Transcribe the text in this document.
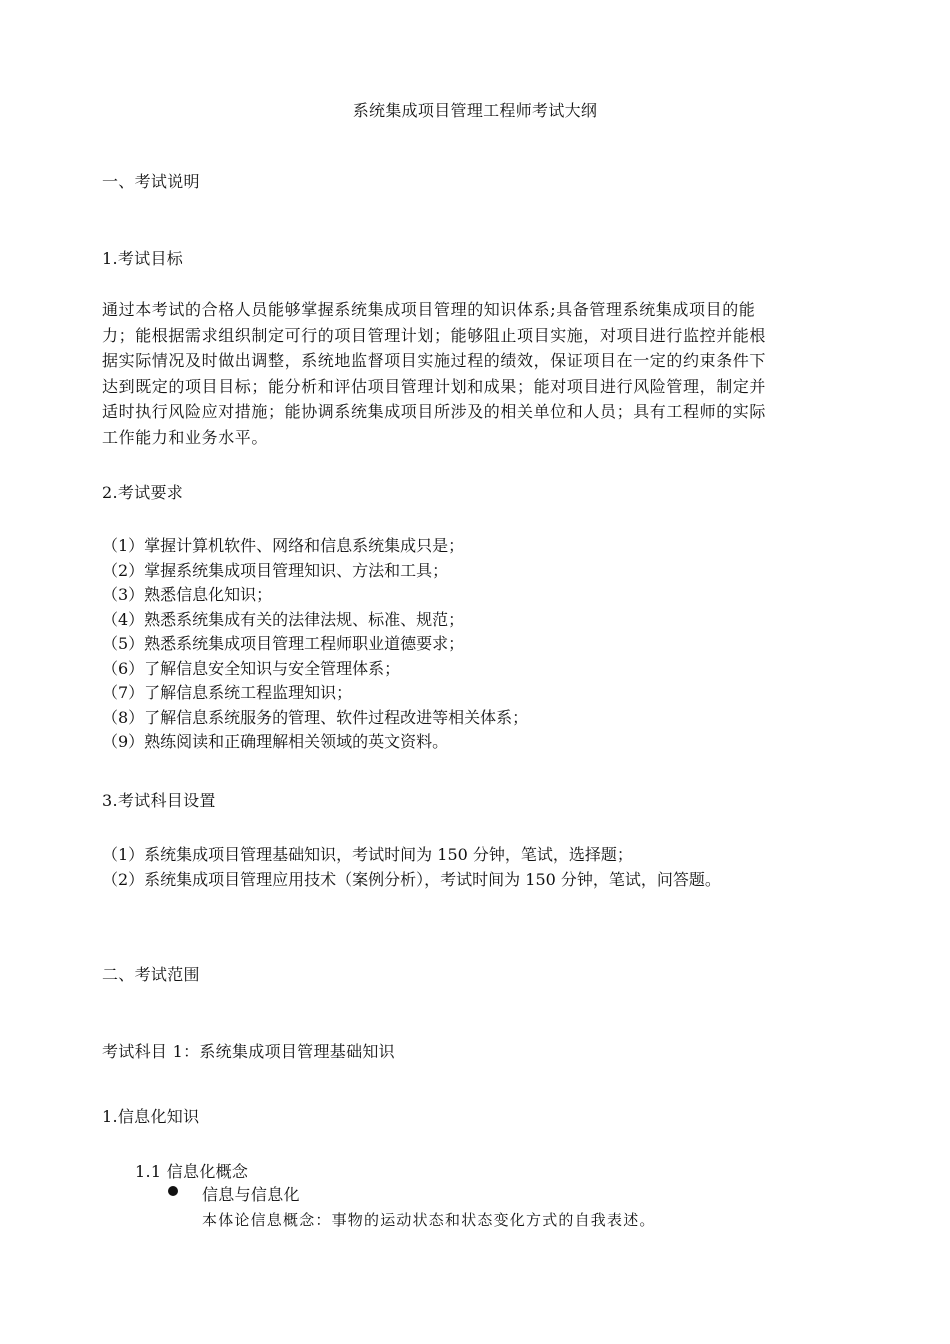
系统集成项目管理工程师考试大纲
一、考试说明
1.考试目标
通过本考试的合格人员能够掌握系统集成项目管理的知识体系;具备管理系统集成项目的能
力；能根据需求组织制定可行的项目管理计划；能够阻止项目实施，对项目进行监控并能根
据实际情况及时做出调整，系统地监督项目实施过程的绩效，保证项目在一定的约束条件下
达到既定的项目目标；能分析和评估项目管理计划和成果；能对项目进行风险管理，制定并
适时执行风险应对措施；能协调系统集成项目所涉及的相关单位和人员；具有工程师的实际
工作能力和业务水平。
2.考试要求
（1）掌握计算机软件、网络和信息系统集成只是；
（2）掌握系统集成项目管理知识、方法和工具；
（3）熟悉信息化知识；
（4）熟悉系统集成有关的法律法规、标准、规范；
（5）熟悉系统集成项目管理工程师职业道德要求；
（6）了解信息安全知识与安全管理体系；
（7）了解信息系统工程监理知识；
（8）了解信息系统服务的管理、软件过程改进等相关体系；
（9）熟练阅读和正确理解相关领域的英文资料。
3.考试科目设置
（1）系统集成项目管理基础知识，考试时间为 150 分钟，笔试，选择题；
（2）系统集成项目管理应用技术（案例分析），考试时间为 150 分钟，笔试，问答题。
二、考试范围
考试科目 1：系统集成项目管理基础知识
1.信息化知识
1.1 信息化概念
信息与信息化
本体论信息概念：事物的运动状态和状态变化方式的自我表述。
